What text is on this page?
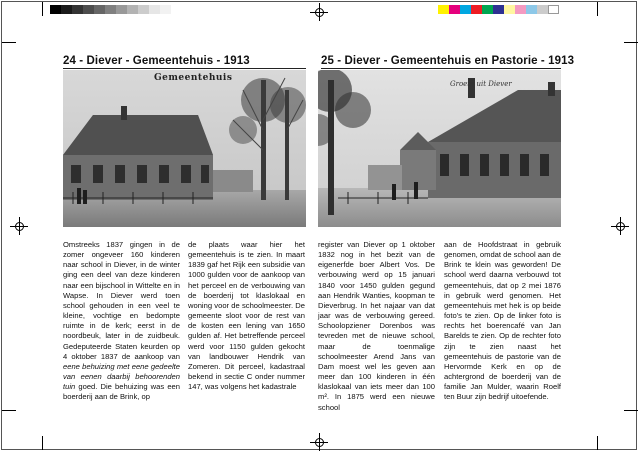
24 - Diever - Gemeentehuis - 1913	25 - Diever - Gemeentehuis en Pastorie - 1913
Gemeentehuis
Groete uit Diever

Omstreeks 1837 gingen in de zomer ongeveer 160 kinderen naar school in Diever, in de winter ging een deel van deze kinderen naar een bijschool in Wittelte en in Wapse. In Diever werd toen school gehouden in een veel te kleine, vochtige en bedompte ruimte in de kerk; eerst in de noordbeuk, later in de zuidbeuk. Gedeputeerde Staten keurden op 4 oktober 1837 de aankoop van eene behuizing met eene gedeelte van eenen daarbij behoorenden tuin goed. Die behuizing was een boerderij aan de Brink, op

de plaats waar hier het gemeentehuis is te zien. In maart 1839 gaf het Rijk een subsidie van 1000 gulden voor de aankoop van het perceel en de verbouwing van de boerderij tot klaslokaal en woning voor de schoolmeester. De gemeente sloot voor de rest van de kosten een lening van 1650 gulden af. Het betreffende perceel werd voor 1150 gulden gekocht van landbouwer Hendrik van Zomeren. Dit perceel, kadastraal bekend in sectie C onder nummer 147, was volgens het kadastrale

register van Diever op 1 oktober 1832 nog in het bezit van de eigenerfde boer Albert Vos. De verbouwing werd op 15 januari 1840 voor 1450 gulden gegund aan Hendrik Wanties, koopman te Dieverbrug. In het najaar van dat jaar was de verbouwing gereed. Schoolopziener Dorenbos was tevreden met de nieuwe school, maar de toenmalige schoolmeester Arend Jans van Dam moest wel les geven aan meer dan 100 kinderen in één klaslokaal van iets meer dan 100 m². In 1875 werd een nieuwe school

aan de Hoofdstraat in gebruik genomen, omdat de school aan de Brink te klein was geworden! De school werd daarna verbouwd tot gemeentehuis, dat op 2 mei 1876 in gebruik werd genomen. Het gemeentehuis met hek is op beide foto's te zien. Op de linker foto is rechts het boerencafé van Jan Barelds te zien. Op de rechter foto zijn te zien naast het gemeentehuis de pastorie van de Hervormde Kerk en op de achtergrond de boerderij van de familie Jan Mulder, waarin Roelf ten Buur zijn bedrijf uitoefende.
